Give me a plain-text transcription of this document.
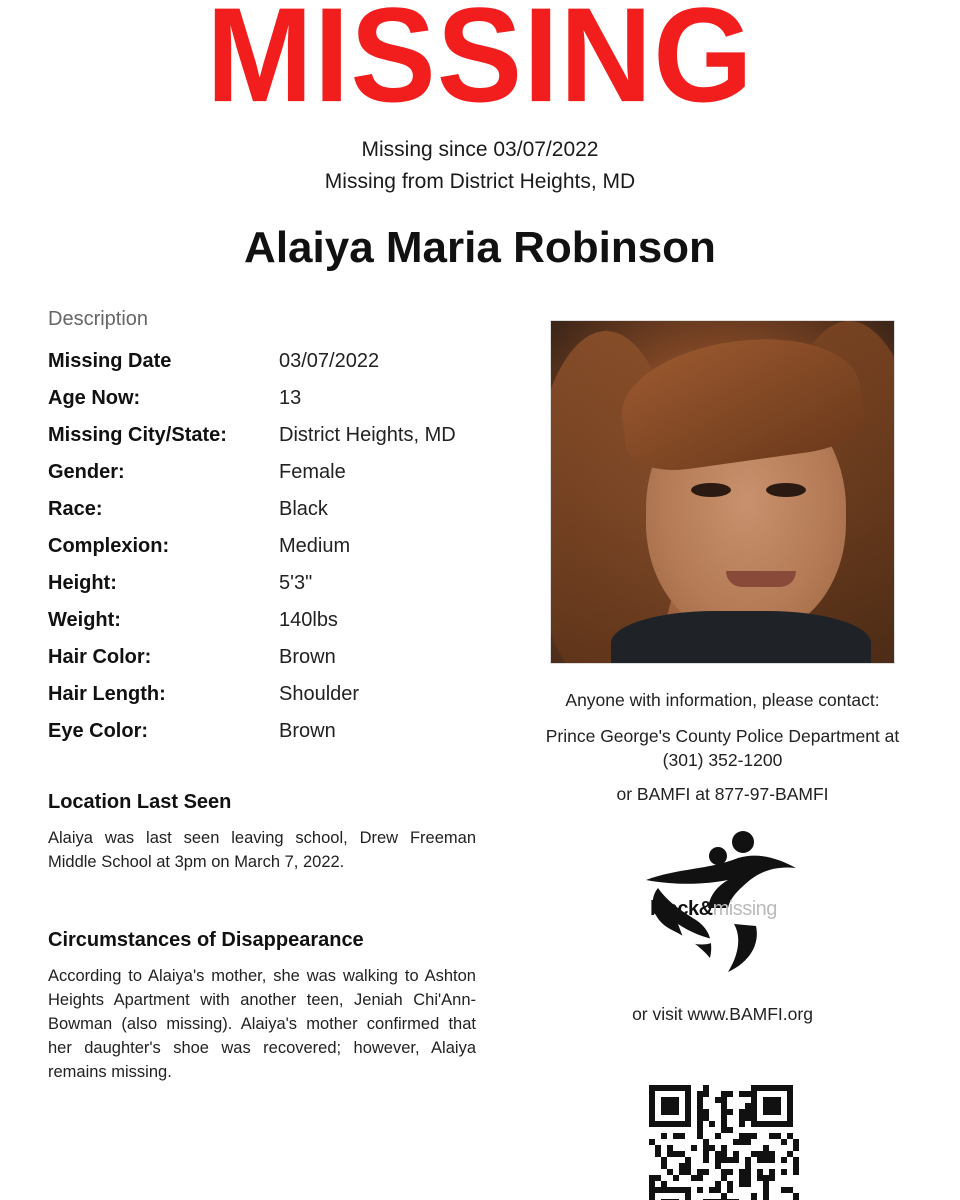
MISSING
Missing since 03/07/2022
Missing from District Heights, MD
Alaiya Maria Robinson
Description
Missing Date	03/07/2022
Age Now:	13
Missing City/State:	District Heights, MD
Gender:	Female
Race:	Black
Complexion:	Medium
Height:	5'3"
Weight:	140lbs
Hair Color:	Brown
Hair Length:	Shoulder
Eye Color:	Brown
Location Last Seen
Alaiya was last seen leaving school, Drew Freeman Middle School at 3pm on March 7, 2022.
Circumstances of Disappearance
According to Alaiya's mother, she was walking to Ashton Heights Apartment with another teen, Jeniah Chi'Ann-Bowman (also missing). Alaiya's mother confirmed that her daughter's shoe was recovered; however, Alaiya remains missing.
Anyone with information, please contact:
Prince George's County Police Department at
(301) 352-1200
or BAMFI at 877-97-BAMFI
black&missing
or visit www.BAMFI.org
